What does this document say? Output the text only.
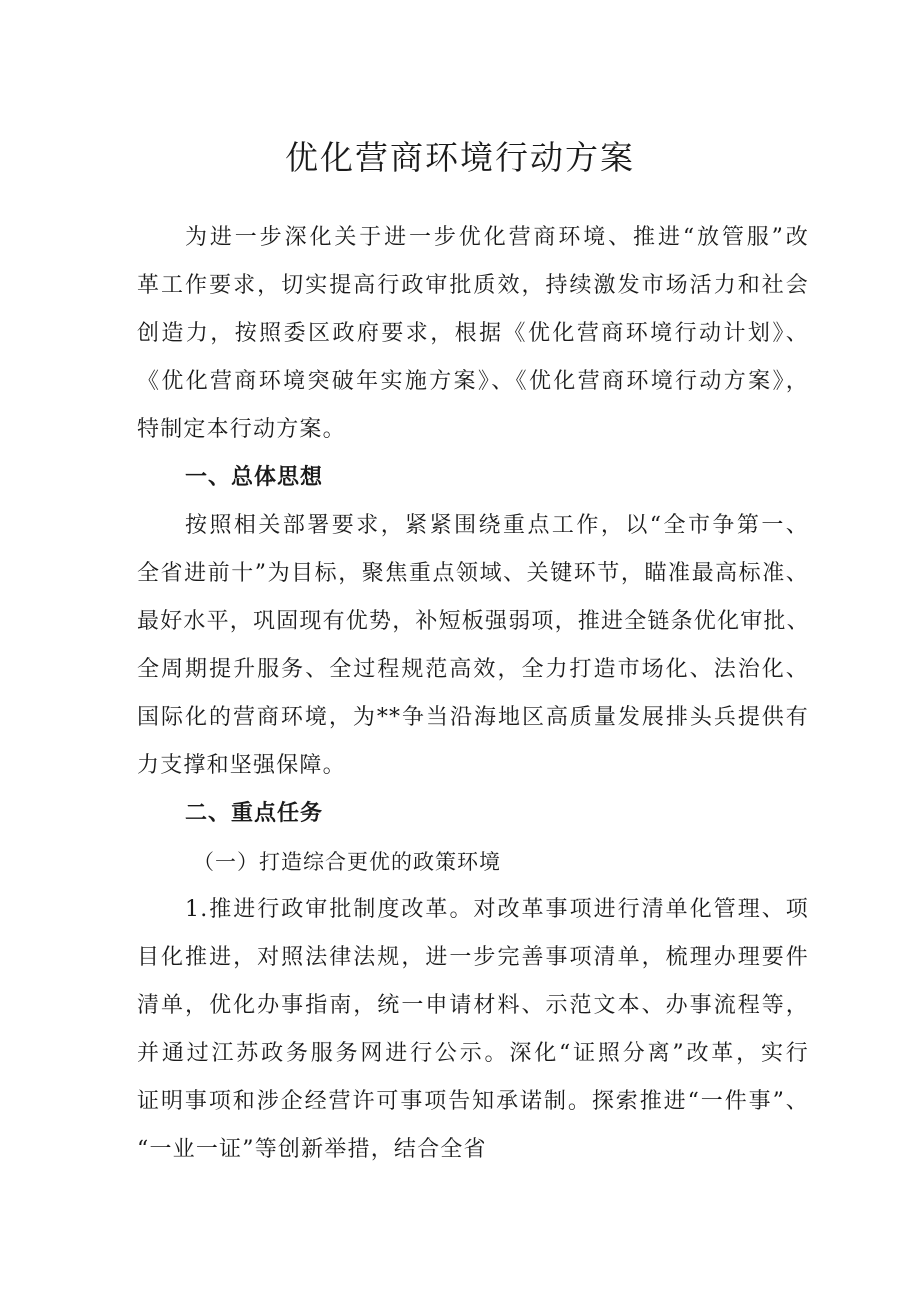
优化营商环境行动方案
为进一步深化关于进一步优化营商环境、推进“放管服”改
革工作要求，切实提高行政审批质效，持续激发市场活力和社会
创造力，按照委区政府要求，根据《优化营商环境行动计划》、
《优化营商环境突破年实施方案》、《优化营商环境行动方案》，
特制定本行动方案。
一、总体思想
按照相关部署要求，紧紧围绕重点工作，以“全市争第一、
全省进前十”为目标，聚焦重点领域、关键环节，瞄准最高标准、
最好水平，巩固现有优势，补短板强弱项，推进全链条优化审批、
全周期提升服务、全过程规范高效，全力打造市场化、法治化、
国际化的营商环境，为**争当沿海地区高质量发展排头兵提供有
力支撑和坚强保障。
二、重点任务
（一）打造综合更优的政策环境
1.推进行政审批制度改革。对改革事项进行清单化管理、项
目化推进，对照法律法规，进一步完善事项清单，梳理办理要件
清单，优化办事指南，统一申请材料、示范文本、办事流程等，
并通过江苏政务服务网进行公示。深化“证照分离”改革，实行
证明事项和涉企经营许可事项告知承诺制。探索推进“一件事”、
“一业一证”等创新举措，结合全省
